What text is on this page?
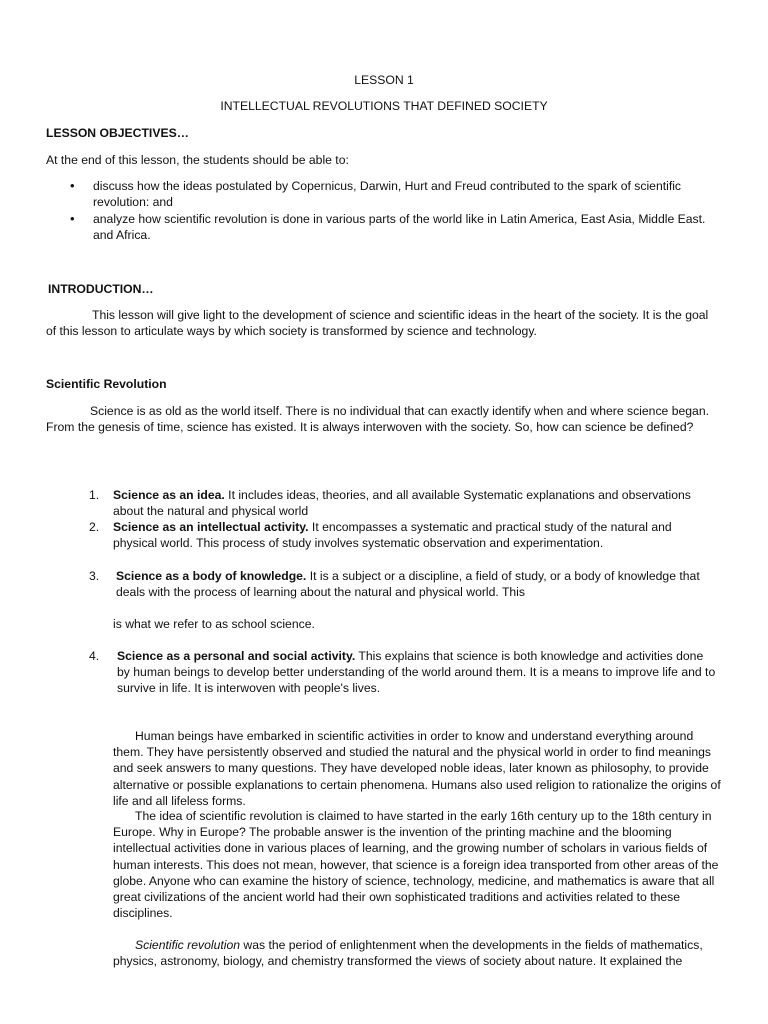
LESSON 1
INTELLECTUAL REVOLUTIONS THAT DEFINED SOCIETY
LESSON OBJECTIVES…
At the end of this lesson, the students should be able to:
• discuss how the ideas postulated by Copernicus, Darwin, Hurt and Freud contributed to the spark of scientific revolution: and

• analyze how scientific revolution is done in various parts of the world like in Latin America, East Asia, Middle East. and Africa.

INTRODUCTION…

This lesson will give light to the development of science and scientific ideas in the heart of the society. It is the goal of this lesson to articulate ways by which society is transformed by science and technology.

Scientific Revolution

Science is as old as the world itself. There is no individual that can exactly identify when and where science began. From the genesis of time, science has existed. It is always interwoven with the society. So, how can science be defined?

1. Science as an idea. It includes ideas, theories, and all available Systematic explanations and observations about the natural and physical world

2. Science as an intellectual activity. It encompasses a systematic and practical study of the natural and physical world. This process of study involves systematic observation and experimentation.

3. Science as a body of knowledge. It is a subject or a discipline, a field of study, or a body of knowledge that deals with the process of learning about the natural and physical world. This

is what we refer to as school science.
4. Science as a personal and social activity. This explains that science is both knowledge and activities done by human beings to develop better understanding of the world around them. It is a means to improve life and to survive in life. It is interwoven with people's lives.

Human beings have embarked in scientific activities in order to know and understand everything around them. They have persistently observed and studied the natural and the physical world in order to find meanings and seek answers to many questions. They have developed noble ideas, later known as philosophy, to provide alternative or possible explanations to certain phenomena. Humans also used religion to rationalize the origins of life and all lifeless forms.

The idea of scientific revolution is claimed to have started in the early 16th century up to the 18th century in Europe. Why in Europe? The probable answer is the invention of the printing machine and the blooming intellectual activities done in various places of learning, and the growing number of scholars in various fields of human interests. This does not mean, however, that science is a foreign idea transported from other areas of the globe. Anyone who can examine the history of science, technology, medicine, and mathematics is aware that all great civilizations of the ancient world had their own sophisticated traditions and activities related to these disciplines.

Scientific revolution was the period of enlightenment when the developments in the fields of mathematics, physics, astronomy, biology, and chemistry transformed the views of society about nature. It explained the
